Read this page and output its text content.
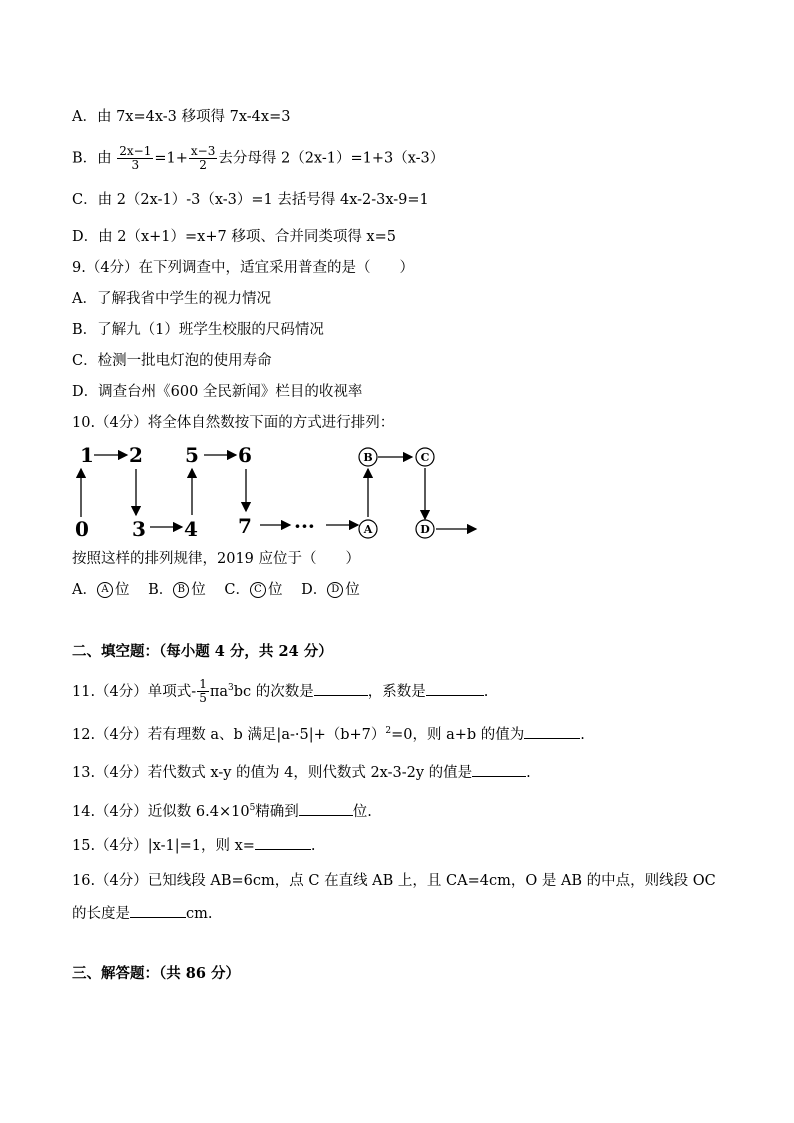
A．由 7x=4x-3 移项得 7x-4x=3
B．由 $\frac{2x-1}{3} =1+ \frac{x-3}{2}$ 去分母得 2（2x-1）=1+3（x-3）
C．由 2（2x-1）-3（x-3）=1 去括号得 4x-2-3x-9=1
D．由 2（x+1）=x+7 移项、合并同类项得 x=5
9.（4分）在下列调查中，适宜采用普查的是（　　）
A．了解我省中学生的视力情况
B．了解九（1）班学生校服的尺码情况
C．检测一批电灯泡的使用寿命
D．调查台州《600 全民新闻》栏目的收视率
10.（4分）将全体自然数按下面的方式进行排列：
1 2 5 6
0 3 4 7 ···
B	C
A	D
按照这样的排列规律，2019 应位于（　　）
A． A 位 B． B 位 C． C 位 D． D 位
二、填空题：（每小题 4 分，共 24 分）
11.（4分）单项式- $\frac{1}{5} \pi a^3bc$ 的次数是	，系数是	.
12.（4分）若有理数 a、b 满足$|a-\cdot 5|+(b+7)^2=0$，则 a+b 的值为	.
13.（4分）若代数式 x-y 的值为 4，则代数式 2x-3-2y 的值是	.
14.（4分）近似数 $6.4\times 10^5$精确到	位.
15.（4分）|x-1|=1，则 x=	.
16.（4分）已知线段 AB=6cm，点 C 在直线 AB 上，且 CA=4cm，O 是 AB 的中点，则线段 OC
的长度是	cm.
三、解答题：（共 86 分）
